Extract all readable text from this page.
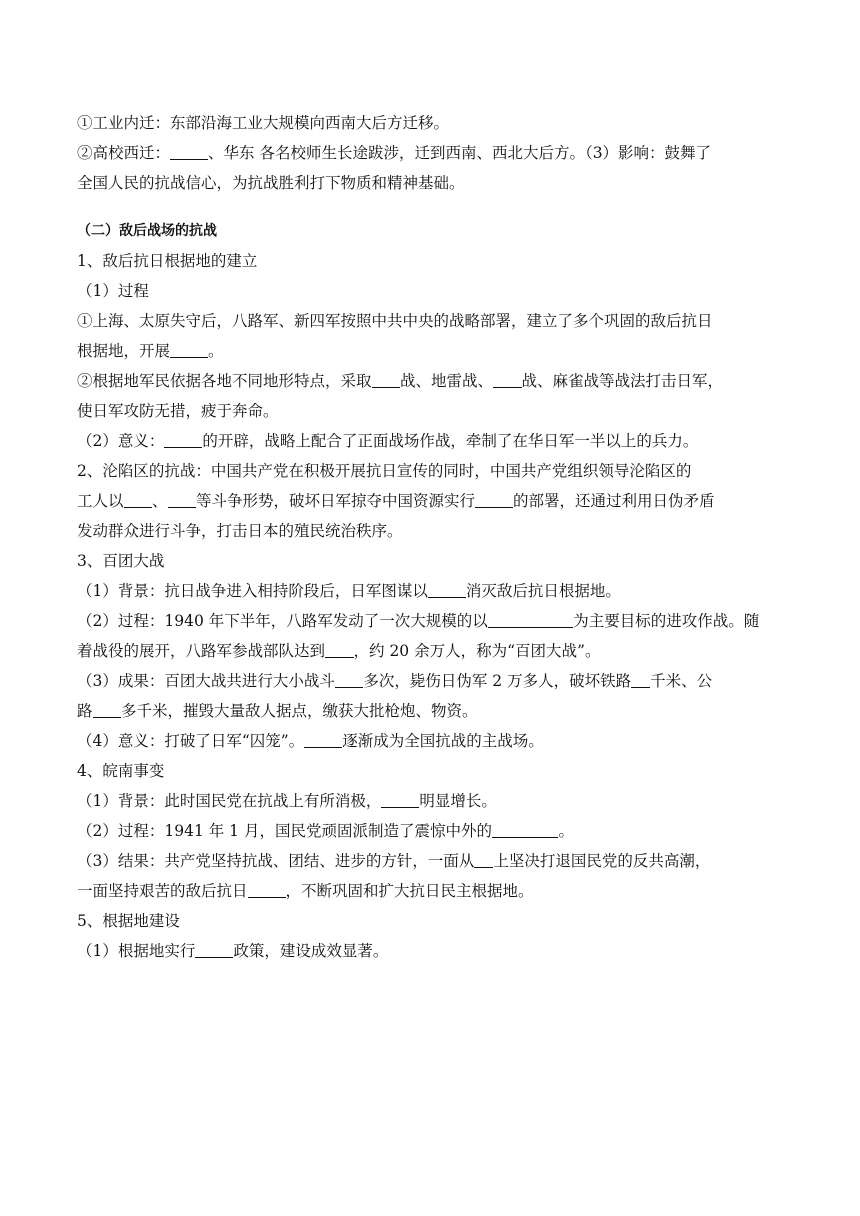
①工业内迁：东部沿海工业大规模向西南大后方迁移。
②高校西迁： 、华东 各名校师生长途跋涉，迁到西南、西北大后方。（3）影响：鼓舞了
全国人民的抗战信心，为抗战胜利打下物质和精神基础。
（二）敌后战场的抗战
1、敌后抗日根据地的建立
（1）过程
①上海、太原失守后，八路军、新四军按照中共中央的战略部署，建立了多个巩固的敌后抗日
根据地，开展 。
②根据地军民依据各地不同地形特点，采取 战、地雷战、 战、麻雀战等战法打击日军，
使日军攻防无措，疲于奔命。
（2）意义： 的开辟，战略上配合了正面战场作战，牵制了在华日军一半以上的兵力。
2、沦陷区的抗战：中国共产党在积极开展抗日宣传的同时，中国共产党组织领导沦陷区的
工人以 、 等斗争形势，破坏日军掠夺中国资源实行 的部署，还通过利用日伪矛盾
发动群众进行斗争，打击日本的殖民统治秩序。
3、百团大战
（1）背景：抗日战争进入相持阶段后，日军图谋以 消灭敌后抗日根据地。
（2）过程：1940 年下半年，八路军发动了一次大规模的以	为主要目标的进攻作战。随
着战役的展开，八路军参战部队达到 ，约 20 余万人，称为“百团大战”。
（3）成果：百团大战共进行大小战斗 多次，毙伤日伪军 2 万多人，破坏铁路 千米、公
路 多千米，摧毁大量敌人据点，缴获大批枪炮、物资。
（4）意义：打破了日军“囚笼”。 逐渐成为全国抗战的主战场。
4、皖南事变
（1）背景：此时国民党在抗战上有所消极， 明显增长。
（2）过程：1941 年 1 月，国民党顽固派制造了震惊中外的	。
（3）结果：共产党坚持抗战、团结、进步的方针，一面从 上坚决打退国民党的反共高潮，
一面坚持艰苦的敌后抗日 ，不断巩固和扩大抗日民主根据地。
5、根据地建设
（1）根据地实行 政策，建设成效显著。
